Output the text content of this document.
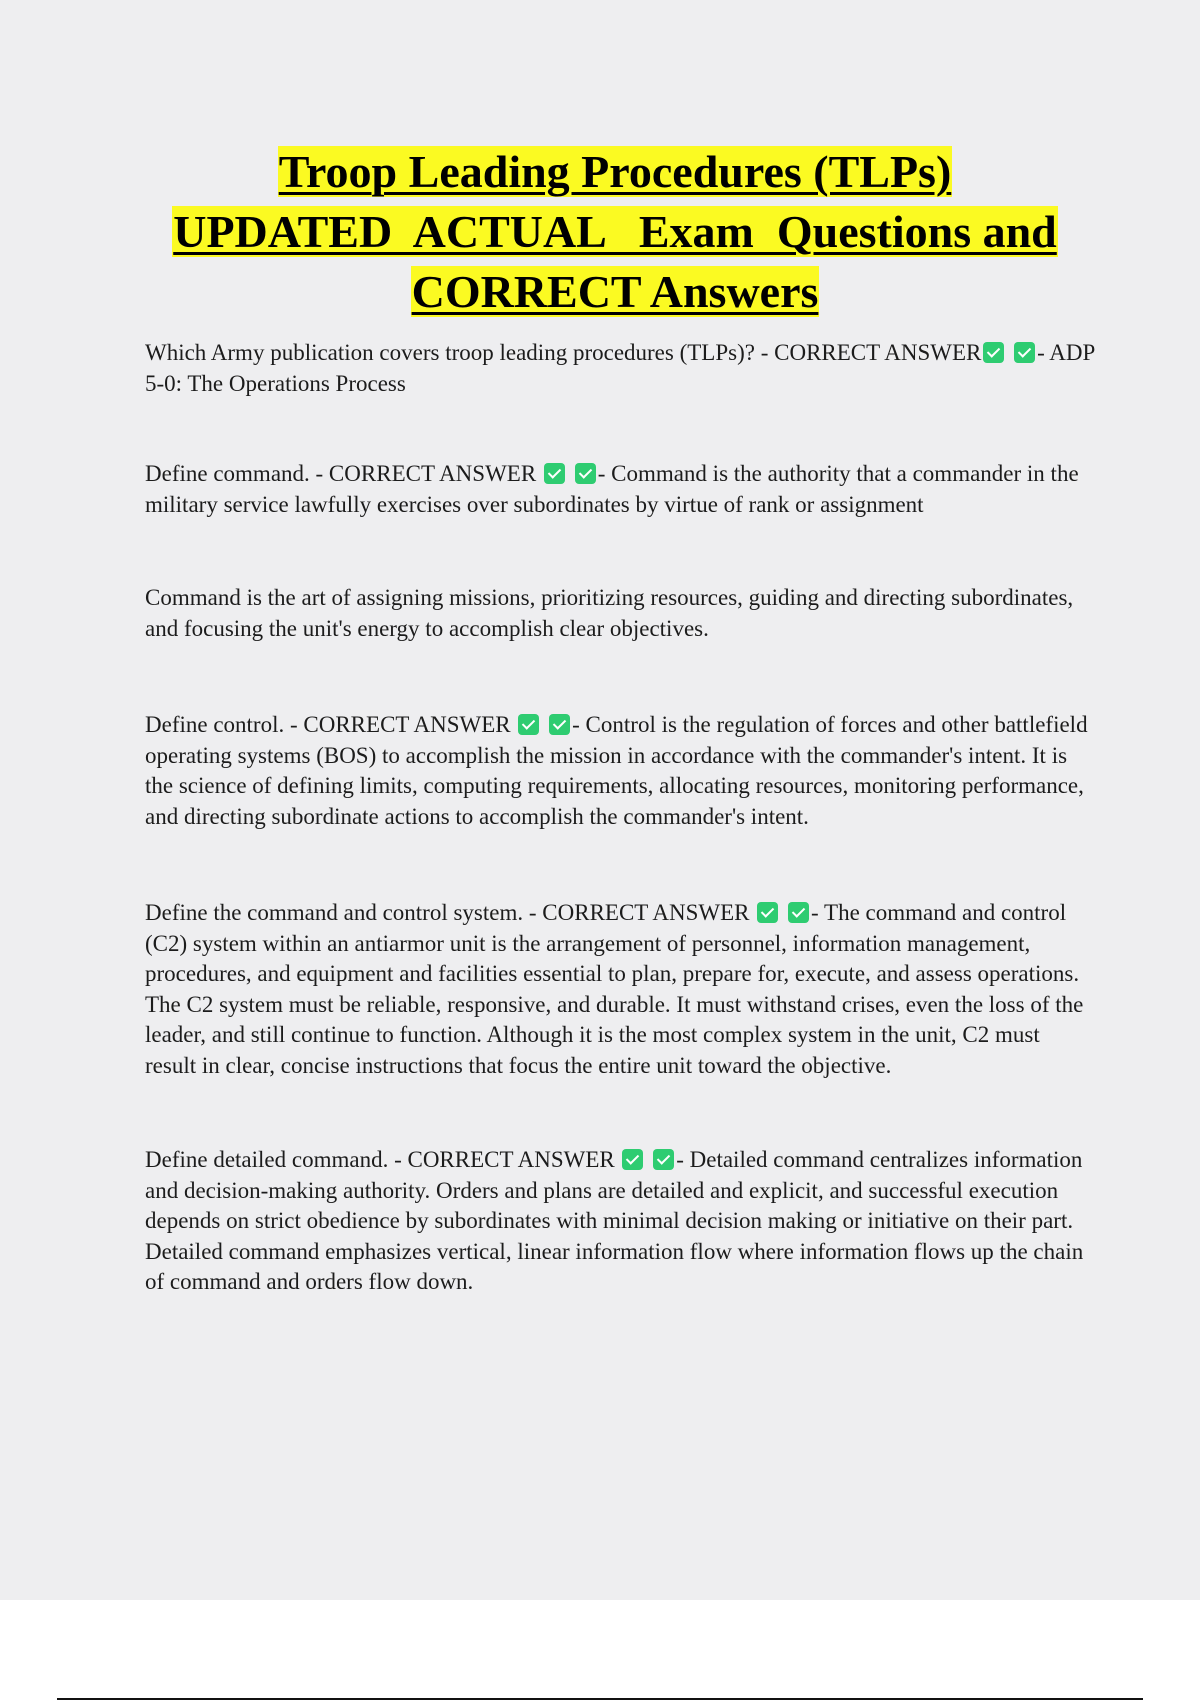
Troop Leading Procedures (TLPs)
UPDATED  ACTUAL   Exam  Questions and
CORRECT Answers

Which Army publication covers troop leading procedures (TLPs)? - CORRECT ANSWER - ADP 5-0: The Operations Process

Define command. - CORRECT ANSWER	- Command is the authority that a commander in the military service lawfully exercises over subordinates by virtue of rank or assignment

Command is the art of assigning missions, prioritizing resources, guiding and directing subordinates, and focusing the unit's energy to accomplish clear objectives.

Define control. - CORRECT ANSWER	- Control is the regulation of forces and other battlefield operating systems (BOS) to accomplish the mission in accordance with the commander's intent. It is the science of defining limits, computing requirements, allocating resources, monitoring performance, and directing subordinate actions to accomplish the commander's intent.

Define the command and control system. - CORRECT ANSWER	- The command and control (C2) system within an antiarmor unit is the arrangement of personnel, information management, procedures, and equipment and facilities essential to plan, prepare for, execute, and assess operations. The C2 system must be reliable, responsive, and durable. It must withstand crises, even the loss of the leader, and still continue to function. Although it is the most complex system in the unit, C2 must result in clear, concise instructions that focus the entire unit toward the objective.

Define detailed command. - CORRECT ANSWER	- Detailed command centralizes information and decision-making authority. Orders and plans are detailed and explicit, and successful execution depends on strict obedience by subordinates with minimal decision making or initiative on their part. Detailed command emphasizes vertical, linear information flow where information flows up the chain of command and orders flow down.
